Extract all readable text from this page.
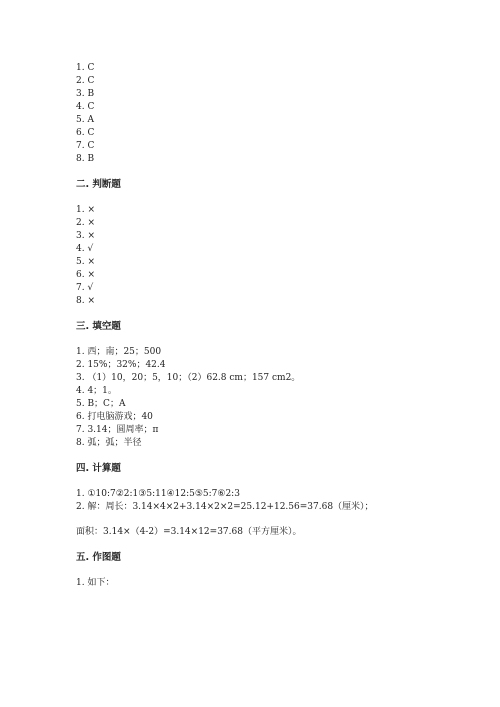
1. C
2. C
3. B
4. C
5. A
6. C
7. C
8. B
二. 判断题
1. ×
2. ×
3. ×
4. √
5. ×
6. ×
7. √
8. ×
三. 填空题
1. 西；南；25；500
2. 15%；32%；42.4
3. （1）10，20；5，10；（2）62.8 cm；157 cm2。
4. 4；1。
5. B；C；A
6. 打电脑游戏；40
7. 3.14；圆周率；π
8. 弧；弧；半径
四. 计算题
1. ①10:7②2:1③5:11④12:5⑤5:7⑥2:3
2. 解：周长：3.14×4×2+3.14×2×2=25.12+12.56=37.68（厘米）；
面积：3.14×（4-2）=3.14×12=37.68（平方厘米）。
五. 作图题
1. 如下：
